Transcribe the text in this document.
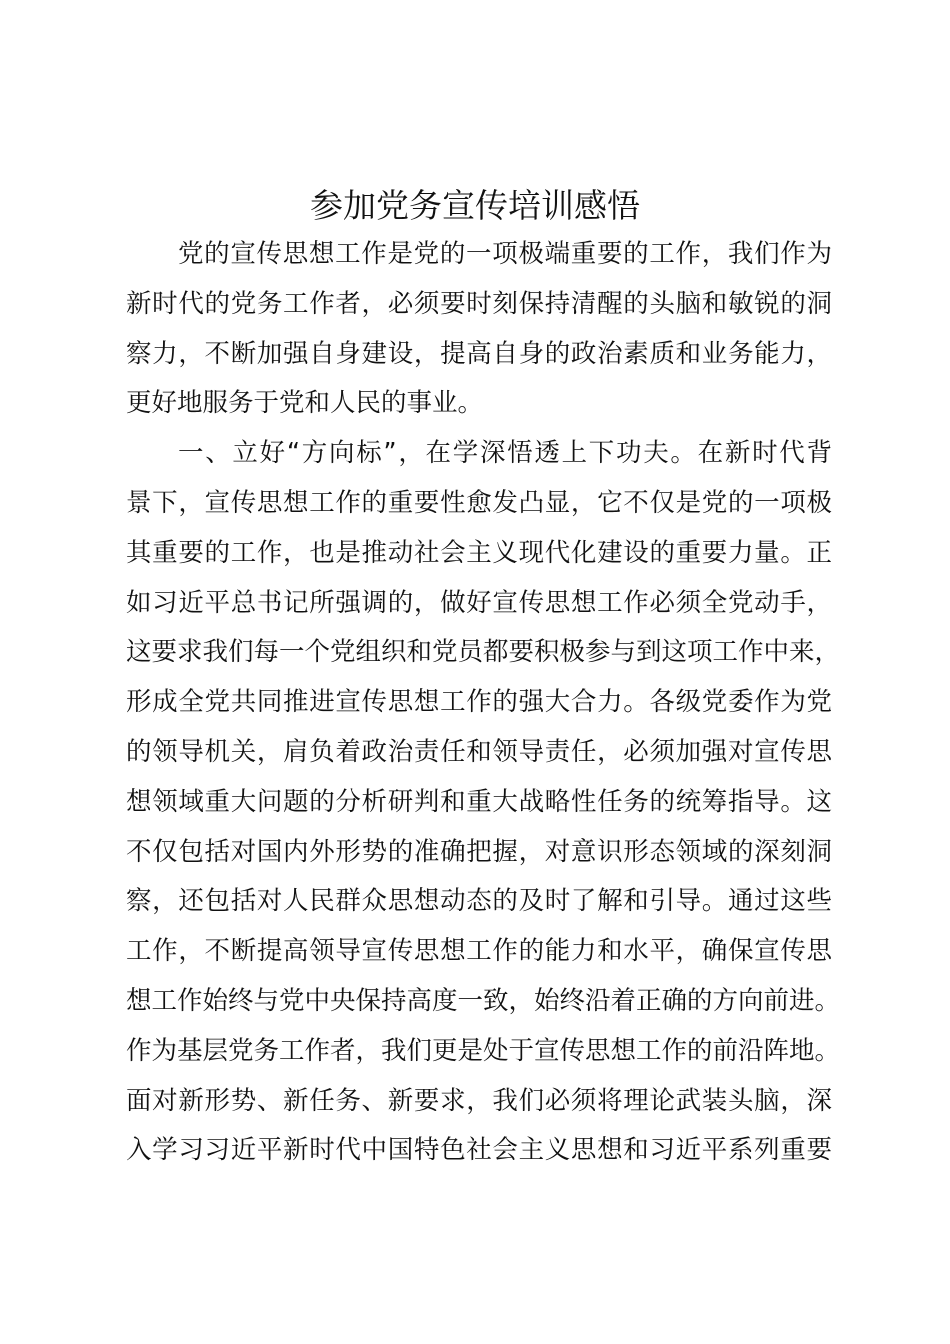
参加党务宣传培训感悟
党的宣传思想工作是党的一项极端重要的工作，我们作为
新时代的党务工作者，必须要时刻保持清醒的头脑和敏锐的洞
察力，不断加强自身建设，提高自身的政治素质和业务能力，
更好地服务于党和人民的事业。
一、立好“方向标”，在学深悟透上下功夫。在新时代背
景下，宣传思想工作的重要性愈发凸显，它不仅是党的一项极
其重要的工作，也是推动社会主义现代化建设的重要力量。正
如习近平总书记所强调的，做好宣传思想工作必须全党动手，
这要求我们每一个党组织和党员都要积极参与到这项工作中来，
形成全党共同推进宣传思想工作的强大合力。各级党委作为党
的领导机关，肩负着政治责任和领导责任，必须加强对宣传思
想领域重大问题的分析研判和重大战略性任务的统筹指导。这
不仅包括对国内外形势的准确把握，对意识形态领域的深刻洞
察，还包括对人民群众思想动态的及时了解和引导。通过这些
工作，不断提高领导宣传思想工作的能力和水平，确保宣传思
想工作始终与党中央保持高度一致，始终沿着正确的方向前进。
作为基层党务工作者，我们更是处于宣传思想工作的前沿阵地。
面对新形势、新任务、新要求，我们必须将理论武装头脑，深
入学习习近平新时代中国特色社会主义思想和习近平系列重要
